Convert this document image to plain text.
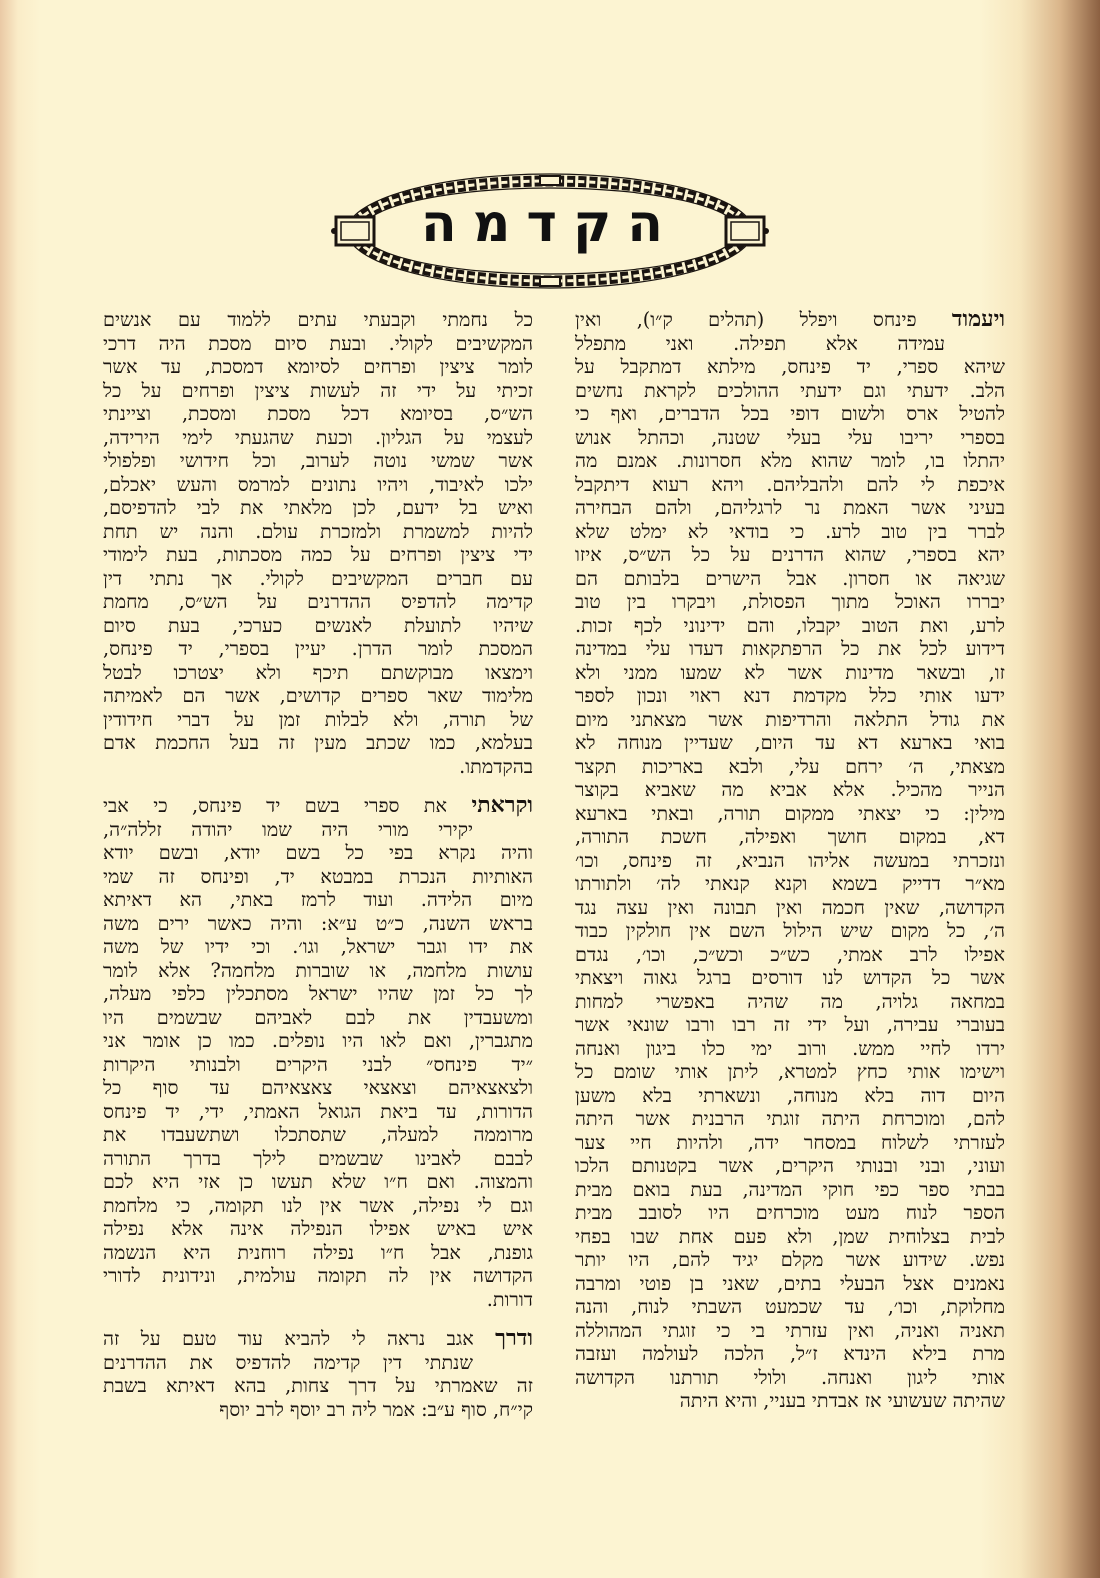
הקדמה

ויעמוד פינחס ויפלל (תהלים ק״ו), ואין
עמידה אלא תפילה. ואני מתפלל
שיהא ספרי, יד פינחס, מילתא דמתקבל על
הלב. ידעתי וגם ידעתי ההולכים לקראת נחשים
להטיל ארס ולשום דופי בכל הדברים, ואף כי
בספרי יריבו עלי בעלי שטנה, וכהתל אנוש
יהתלו בו, לומר שהוא מלא חסרונות. אמנם מה
איכפת לי להם ולהבליהם. ויהא רעוא דיתקבל
בעיני אשר האמת נר לרגליהם, ולהם הבחירה
לברר בין טוב לרע. כי בודאי לא ימלט שלא
יהא בספרי, שהוא הדרנים על כל הש״ס, איזו
שגיאה או חסרון. אבל הישרים בלבותם הם
יבררו האוכל מתוך הפסולת, ויבקרו בין טוב
לרע, ואת הטוב יקבלו, והם ידינוני לכף זכות.
דידוע לכל את כל הרפתקאות דעדו עלי במדינה
זו, ובשאר מדינות אשר לא שמעו ממני ולא
ידעו אותי כלל מקדמת דנא ראוי ונכון לספר
את גודל התלאה והרדיפות אשר מצאתני מיום
בואי בארעא דא עד היום, שעדיין מנוחה לא
מצאתי, ה׳ ירחם עלי, ולבא באריכות תקצר
הנייר מהכיל. אלא אביא מה שאביא בקוצר
מילין: כי יצאתי ממקום תורה, ובאתי בארעא
דא, במקום חושך ואפילה, חשכת התורה,
ונזכרתי במעשה אליהו הנביא, זה פינחס, וכו׳
מא״ר דדייק בשמא וקנא קנאתי לה׳ ולתורתו
הקדושה, שאין חכמה ואין תבונה ואין עצה נגד
ה׳, כל מקום שיש הילול השם אין חולקין כבוד
אפילו לרב אמתי, כש״כ וכש״כ, וכו׳, נגדם
אשר כל הקדוש לנו דורסים ברגל גאוה ויצאתי
במחאה גלויה, מה שהיה באפשרי למחות
בעוברי עבירה, ועל ידי זה רבו ורבו שונאי אשר
ירדו לחיי ממש. ורוב ימי כלו ביגון ואנחה
וישימו אותי כחץ למטרא, ליתן אותי שומם כל
היום דוה בלא מנוחה, ונשארתי בלא משען
להם, ומוכרחת היתה זוגתי הרבנית אשר היתה
לעזרתי לשלוח במסחר ידה, ולהיות חיי צער
ועוני, ובני ובנותי היקרים, אשר בקטנותם הלכו
בבתי ספר כפי חוקי המדינה, בעת בואם מבית
הספר לנוח מעט מוכרחים היו לסובב מבית
לבית בצלוחית שמן, ולא פעם אחת שבו בפחי
נפש. שידוע אשר מקלם יגיד להם, היו יותר
נאמנים אצל הבעלי בתים, שאני בן פוטי ומרבה
מחלוקת, וכו׳, עד שכמעט השבתי לנוח, והנה
תאניה ואניה, ואין עזרתי בי כי זוגתי המהוללה
מרת בילא הינדא ז״ל, הלכה לעולמה ועזבה
אותי ליגון ואנחה. ולולי תורתנו הקדושה
שהיתה שעשועי אז אבדתי בעניי, והיא היתה

כל נחמתי וקבעתי עתים ללמוד עם אנשים
המקשיבים לקולי. ובעת סיום מסכת היה דרכי
לומר ציצין ופרחים לסיומא דמסכת, עד אשר
זכיתי על ידי זה לעשות ציצין ופרחים על כל
הש״ס, בסיומא דכל מסכת ומסכת, וציינתי
לעצמי על הגליון. וכעת שהגעתי לימי הירידה,
אשר שמשי נוטה לערוב, וכל חידושי ופלפולי
ילכו לאיבוד, ויהיו נתונים למרמס והעש יאכלם,
ואיש בל ידעם, לכן מלאתי את לבי להדפיסם,
להיות למשמרת ולמזכרת עולם. והנה יש תחת
ידי ציצין ופרחים על כמה מסכתות, בעת לימודי
עם חברים המקשיבים לקולי. אך נתתי דין
קדימה להדפיס ההדרנים על הש״ס, מחמת
שיהיו לתועלת לאנשים כערכי, בעת סיום
המסכת לומר הדרן. יעיין בספרי, יד פינחס,
וימצאו מבוקשתם תיכף ולא יצטרכו לבטל
מלימוד שאר ספרים קדושים, אשר הם לאמיתה
של תורה, ולא לבלות זמן על דברי חידודין
בעלמא, כמו שכתב מעין זה בעל החכמת אדם
בהקדמתו.

וקראתי את ספרי בשם יד פינחס, כי אבי
יקירי מורי היה שמו יהודה זללה״ה,
והיה נקרא בפי כל בשם יודא, ובשם יודא
האותיות הנכרת במבטא יד, ופינחס זה שמי
מיום הלידה. ועוד לרמז באתי, הא דאיתא
בראש השנה, כ״ט ע״א: והיה כאשר ירים משה
את ידו וגבר ישראל, וגו׳. וכי ידיו של משה
עושות מלחמה, או שוברות מלחמה? אלא לומר
לך כל זמן שהיו ישראל מסתכלין כלפי מעלה,
ומשעבדין את לבם לאביהם שבשמים היו
מתגברין, ואם לאו היו נופלים. כמו כן אומר אני
״יד פינחס״ לבני היקרים ולבנותי היקרות
ולצאצאיהם וצאצאי צאצאיהם עד סוף כל
הדורות, עד ביאת הגואל האמתי, ידי, יד פינחס
מרוממה למעלה, שתסתכלו ושתשעבדו את
לבבם לאבינו שבשמים לילך בדרך התורה
והמצוה. ואם ח״ו שלא תעשו כן אזי היא לכם
וגם לי נפילה, אשר אין לנו תקומה, כי מלחמת
איש באיש אפילו הנפילה אינה אלא נפילה
גופנת, אבל ח״ו נפילה רוחנית היא הנשמה
הקדושה אין לה תקומה עולמית, ונידונית לדורי
דורות.

ודרך אגב נראה לי להביא עוד טעם על זה
שנתתי דין קדימה להדפיס את ההדרנים
זה שאמרתי על דרך צחות, בהא דאיתא בשבת
קי״ח, סוף ע״ב: אמר ליה רב יוסף לרב יוסף
